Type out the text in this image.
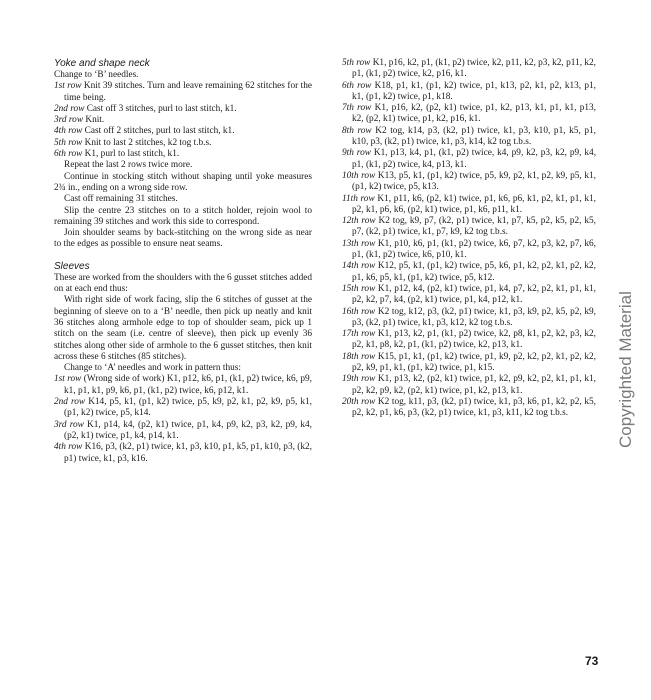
Yoke and shape neck

Change to ‘B’ needles.

1st row Knit 39 stitches. Turn and leave remaining 62 stitches for the time being.

2nd row Cast off 3 stitches, purl to last stitch, k1.

3rd row Knit.

4th row Cast off 2 stitches, purl to last stitch, k1.

5th row Knit to last 2 stitches, k2 tog t.b.s.

6th row K1, purl to last stitch, k1.

Repeat the last 2 rows twice more.

Continue in stocking stitch without shaping until yoke measures 2¾ in., ending on a wrong side row.

Cast off remaining 31 stitches.

Slip the centre 23 stitches on to a stitch holder, rejoin wool to remaining 39 stitches and work this side to correspond.

Join shoulder seams by back-stitching on the wrong side as near to the edges as possible to ensure neat seams.

Sleeves

These are worked from the shoulders with the 6 gusset stitches added on at each end thus:

With right side of work facing, slip the 6 stitches of gusset at the beginning of sleeve on to a ‘B’ needle, then pick up neatly and knit 36 stitches along armhole edge to top of shoulder seam, pick up 1 stitch on the seam (i.e. centre of sleeve), then pick up evenly 36 stitches along other side of armhole to the 6 gusset stitches, then knit across these 6 stitches (85 stitches).

Change to ‘A’ needles and work in pattern thus:

1st row (Wrong side of work) K1, p12, k6, p1, (k1, p2) twice, k6, p9, k1, p1, k1, p9, k6, p1, (k1, p2) twice, k6, p12, k1.

2nd row K14, p5, k1, (p1, k2) twice, p5, k9, p2, k1, p2, k9, p5, k1, (p1, k2) twice, p5, k14.

3rd row K1, p14, k4, (p2, k1) twice, p1, k4, p9, k2, p3, k2, p9, k4, (p2, k1) twice, p1, k4, p14, k1.

4th row K16, p3, (k2, p1) twice, k1, p3, k10, p1, k5, p1, k10, p3, (k2, p1) twice, k1, p3, k16.

5th row K1, p16, k2, p1, (k1, p2) twice, k2, p11, k2, p3, k2, p11, k2, p1, (k1, p2) twice, k2, p16, k1.

6th row K18, p1, k1, (p1, k2) twice, p1, k13, p2, k1, p2, k13, p1, k1, (p1, k2) twice, p1, k18.

7th row K1, p16, k2, (p2, k1) twice, p1, k2, p13, k1, p1, k1, p13, k2, (p2, k1) twice, p1, k2, p16, k1.

8th row K2 tog, k14, p3, (k2, p1) twice, k1, p3, k10, p1, k5, p1, k10, p3, (k2, p1) twice, k1, p3, k14, k2 tog t.b.s.

9th row K1, p13, k4, p1, (k1, p2) twice, k4, p9, k2, p3, k2, p9, k4, p1, (k1, p2) twice, k4, p13, k1.

10th row K13, p5, k1, (p1, k2) twice, p5, k9, p2, k1, p2, k9, p5, k1, (p1, k2) twice, p5, k13.

11th row K1, p11, k6, (p2, k1) twice, p1, k6, p6, k1, p2, k1, p1, k1, p2, k1, p6, k6, (p2, k1) twice, p1, k6, p11, k1.

12th row K2 tog, k9, p7, (k2, p1) twice, k1, p7, k5, p2, k5, p2, k5, p7, (k2, p1) twice, k1, p7, k9, k2 tog t.b.s.

13th row K1, p10, k6, p1, (k1, p2) twice, k6, p7, k2, p3, k2, p7, k6, p1, (k1, p2) twice, k6, p10, k1.

14th row K12, p5, k1, (p1, k2) twice, p5, k6, p1, k2, p2, k1, p2, k2, p1, k6, p5, k1, (p1, k2) twice, p5, k12.

15th row K1, p12, k4, (p2, k1) twice, p1, k4, p7, k2, p2, k1, p1, k1, p2, k2, p7, k4, (p2, k1) twice, p1, k4, p12, k1.

16th row K2 tog, k12, p3, (k2, p1) twice, k1, p3, k9, p2, k5, p2, k9, p3, (k2, p1) twice, k1, p3, k12, k2 tog t.b.s.

17th row K1, p13, k2, p1, (k1, p2) twice, k2, p8, k1, p2, k2, p3, k2, p2, k1, p8, k2, p1, (k1, p2) twice, k2, p13, k1.

18th row K15, p1, k1, (p1, k2) twice, p1, k9, p2, k2, p2, k1, p2, k2, p2, k9, p1, k1, (p1, k2) twice, p1, k15.

19th row K1, p13, k2, (p2, k1) twice, p1, k2, p9, k2, p2, k1, p1, k1, p2, k2, p9, k2, (p2, k1) twice, p1, k2, p13, k1.

20th row K2 tog, k11, p3, (k2, p1) twice, k1, p3, k6, p1, k2, p2, k5, p2, k2, p1, k6, p3, (k2, p1) twice, k1, p3, k11, k2 tog t.b.s.	Copyrighted Material
73
